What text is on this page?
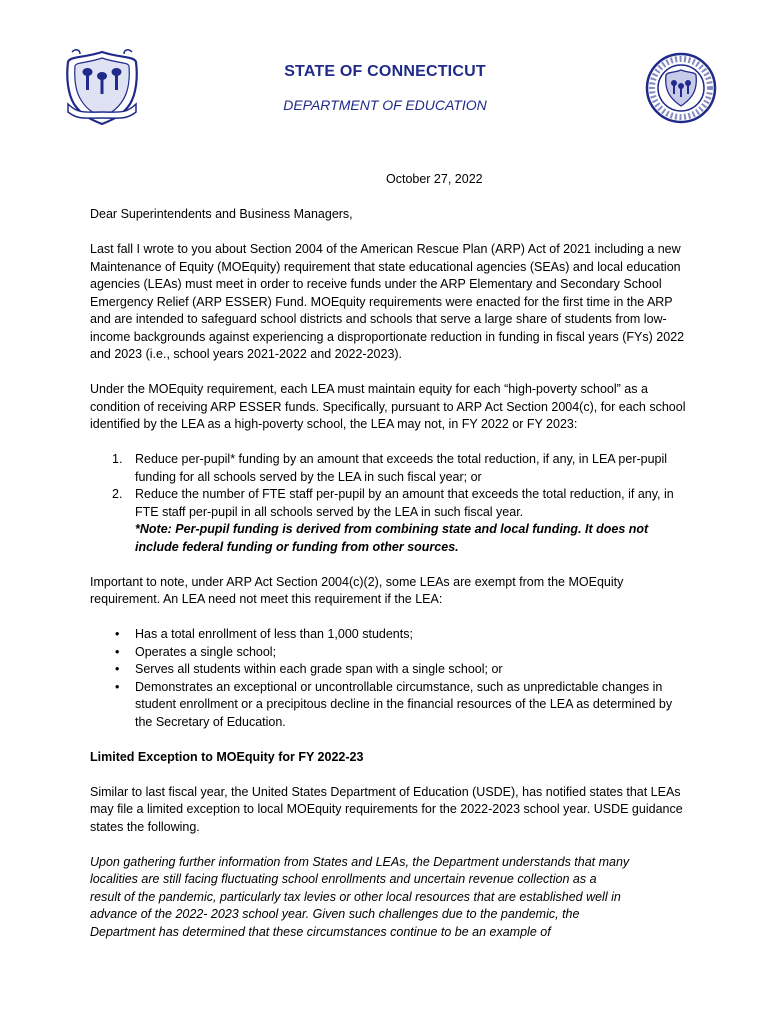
STATE OF CONNECTICUT
DEPARTMENT OF EDUCATION
October 27, 2022

Dear Superintendents and Business Managers,

Last fall I wrote to you about Section 2004 of the American Rescue Plan (ARP) Act of 2021 including a new Maintenance of Equity (MOEquity) requirement that state educational agencies (SEAs) and local education agencies (LEAs) must meet in order to receive funds under the ARP Elementary and Secondary School Emergency Relief (ARP ESSER) Fund. MOEquity requirements were enacted for the first time in the ARP and are intended to safeguard school districts and schools that serve a large share of students from low-income backgrounds against experiencing a disproportionate reduction in funding in fiscal years (FYs) 2022 and 2023 (i.e., school years 2021-2022 and 2022-2023).

Under the MOEquity requirement, each LEA must maintain equity for each “high-poverty school” as a condition of receiving ARP ESSER funds. Specifically, pursuant to ARP Act Section 2004(c), for each school identified by the LEA as a high-poverty school, the LEA may not, in FY 2022 or FY 2023:

1. Reduce per-pupil* funding by an amount that exceeds the total reduction, if any, in LEA per-pupil funding for all schools served by the LEA in such fiscal year; or
2. Reduce the number of FTE staff per-pupil by an amount that exceeds the total reduction, if any, in FTE staff per-pupil in all schools served by the LEA in such fiscal year.
*Note: Per-pupil funding is derived from combining state and local funding. It does not include federal funding or funding from other sources.

Important to note, under ARP Act Section 2004(c)(2), some LEAs are exempt from the MOEquity requirement. An LEA need not meet this requirement if the LEA:

• Has a total enrollment of less than 1,000 students;
• Operates a single school;
• Serves all students within each grade span with a single school; or
• Demonstrates an exceptional or uncontrollable circumstance, such as unpredictable changes in student enrollment or a precipitous decline in the financial resources of the LEA as determined by the Secretary of Education.

Limited Exception to MOEquity for FY 2022-23

Similar to last fiscal year, the United States Department of Education (USDE), has notified states that LEAs may file a limited exception to local MOEquity requirements for the 2022-2023 school year. USDE guidance states the following.

Upon gathering further information from States and LEAs, the Department understands that many localities are still facing fluctuating school enrollments and uncertain revenue collection as a result of the pandemic, particularly tax levies or other local resources that are established well in advance of the 2022- 2023 school year. Given such challenges due to the pandemic, the Department has determined that these circumstances continue to be an example of
